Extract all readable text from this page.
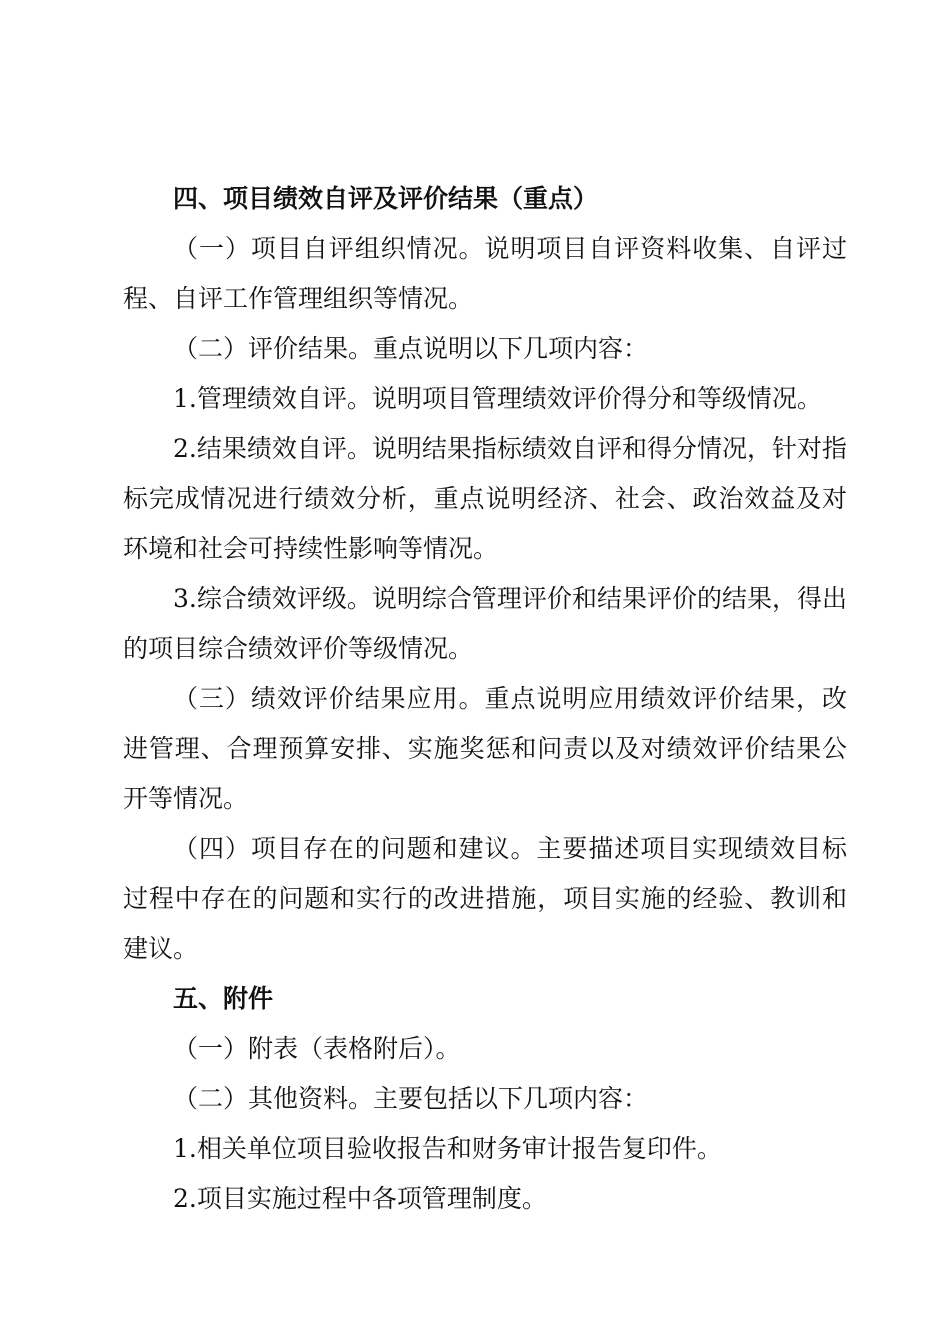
四、项目绩效自评及评价结果（重点）

（一）项目自评组织情况。说明项目自评资料收集、自评过程、自评工作管理组织等情况。

（二）评价结果。重点说明以下几项内容：

1.管理绩效自评。说明项目管理绩效评价得分和等级情况。

2.结果绩效自评。说明结果指标绩效自评和得分情况，针对指标完成情况进行绩效分析，重点说明经济、社会、政治效益及对环境和社会可持续性影响等情况。

3.综合绩效评级。说明综合管理评价和结果评价的结果，得出的项目综合绩效评价等级情况。

（三）绩效评价结果应用。重点说明应用绩效评价结果，改进管理、合理预算安排、实施奖惩和问责以及对绩效评价结果公开等情况。

（四）项目存在的问题和建议。主要描述项目实现绩效目标过程中存在的问题和实行的改进措施，项目实施的经验、教训和建议。

五、附件

（一）附表（表格附后）。

（二）其他资料。主要包括以下几项内容：

1.相关单位项目验收报告和财务审计报告复印件。

2.项目实施过程中各项管理制度。
